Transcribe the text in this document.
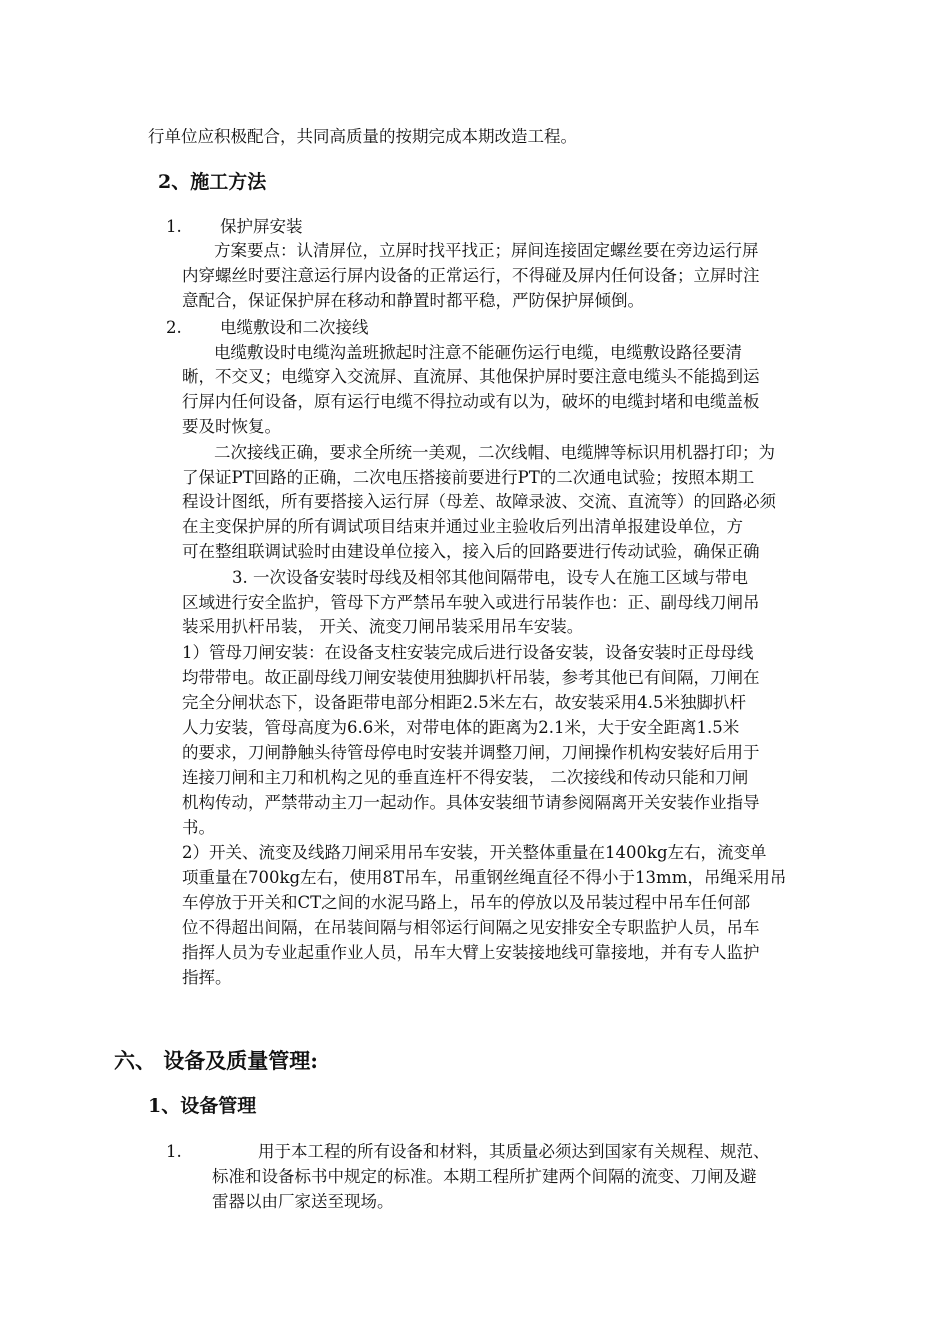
行单位应积极配合，共同高质量的按期完成本期改造工程。
2、施工方法
1. 保护屏安装
方案要点：认清屏位，立屏时找平找正；屏间连接固定螺丝要在旁边运行屏
内穿螺丝时要注意运行屏内设备的正常运行，不得碰及屏内任何设备；立屏时注
意配合，保证保护屏在移动和静置时都平稳，严防保护屏倾倒。
2. 电缆敷设和二次接线
电缆敷设时电缆沟盖班掀起时注意不能砸伤运行电缆，电缆敷设路径要清
晰，不交叉；电缆穿入交流屏、直流屏、其他保护屏时要注意电缆头不能捣到运
行屏内任何设备，原有运行电缆不得拉动或有以为，破坏的电缆封堵和电缆盖板
要及时恢复。
二次接线正确，要求全所统一美观，二次线帽、电缆牌等标识用机器打印；为
了保证PT回路的正确，二次电压搭接前要进行PT的二次通电试验；按照本期工
程设计图纸，所有要搭接入运行屏（母差、故障录波、交流、直流等）的回路必须
在主变保护屏的所有调试项目结束并通过业主验收后列出清单报建设单位，方
可在整组联调试验时由建设单位接入，接入后的回路要进行传动试验，确保正确
3. 一次设备安装时母线及相邻其他间隔带电，设专人在施工区域与带电
区域进行安全监护，管母下方严禁吊车驶入或进行吊装作也：正、副母线刀闸吊
装采用扒杆吊装， 开关、流变刀闸吊装采用吊车安装。
1）管母刀闸安装：在设备支柱安装完成后进行设备安装，设备安装时正母母线
均带带电。故正副母线刀闸安装使用独脚扒杆吊装，参考其他已有间隔，刀闸在
完全分闸状态下，设备距带电部分相距2.5米左右，故安装采用4.5米独脚扒杆
人力安装，管母高度为6.6米，对带电体的距离为2.1米，大于安全距离1.5米
的要求，刀闸静触头待管母停电时安装并调整刀闸，刀闸操作机构安装好后用于
连接刀闸和主刀和机构之见的垂直连杆不得安装， 二次接线和传动只能和刀闸
机构传动，严禁带动主刀一起动作。具体安装细节请参阅隔离开关安装作业指导
书。
2）开关、流变及线路刀闸采用吊车安装，开关整体重量在1400kg左右，流变单
项重量在700kg左右，使用8T吊车，吊重钢丝绳直径不得小于13mm，吊绳采用吊
车停放于开关和CT之间的水泥马路上，吊车的停放以及吊装过程中吊车任何部
位不得超出间隔，在吊装间隔与相邻运行间隔之见安排安全专职监护人员，吊车
指挥人员为专业起重作业人员，吊车大臂上安装接地线可靠接地，并有专人监护
指挥。
六、 设备及质量管理:
1、设备管理
1.	用于本工程的所有设备和材料，其质量必须达到国家有关规程、规范、
标准和设备标书中规定的标准。本期工程所扩建两个间隔的流变、刀闸及避
雷器以由厂家送至现场。
